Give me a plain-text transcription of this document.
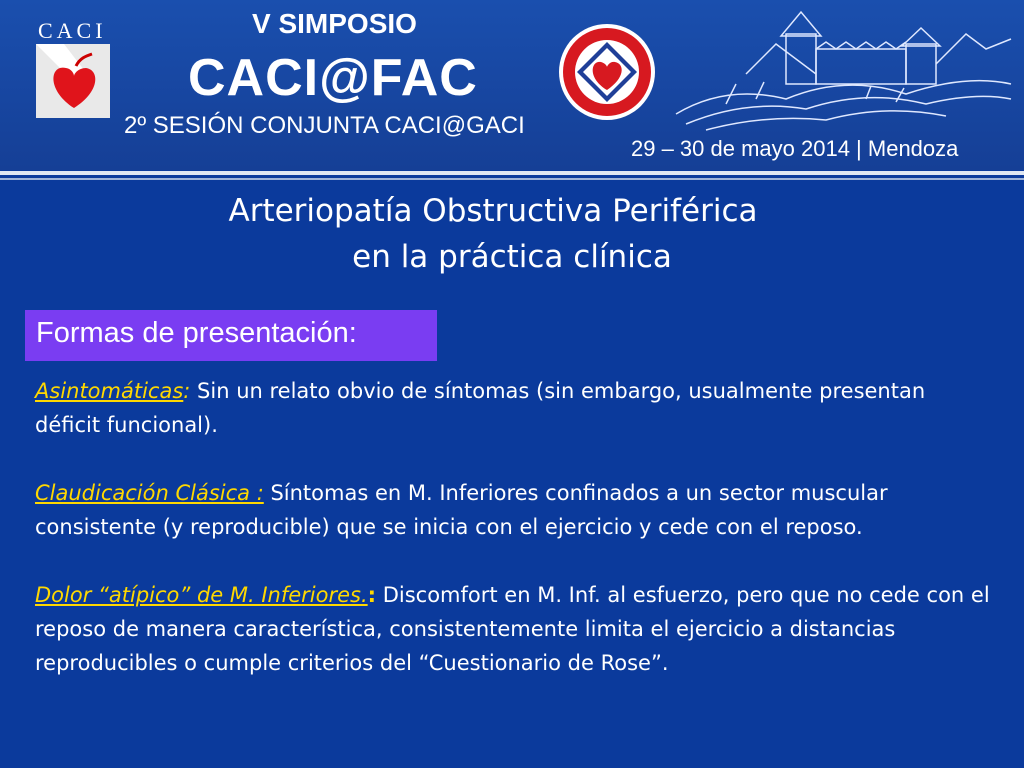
CACI	V SIMPOSIO
CACI@FAC
2º SESIÓN CONJUNTA CACI@GACI
29 – 30 de mayo 2014 | Mendoza
Arteriopatía Obstructiva Periférica
en la práctica clínica
Formas de presentación:

Asintomáticas: Sin un relato obvio de síntomas (sin embargo, usualmente presentan déficit funcional).

Claudicación Clásica : Síntomas en M. Inferiores confinados a un sector muscular consistente (y reproducible) que se inicia con el ejercicio y cede con el reposo.

Dolor “atípico” de M. Inferiores.: Discomfort en M. Inf. al esfuerzo, pero que no cede con el reposo de manera característica, consistentemente limita el ejercicio a distancias reproducibles o cumple criterios del “Cuestionario de Rose”.
